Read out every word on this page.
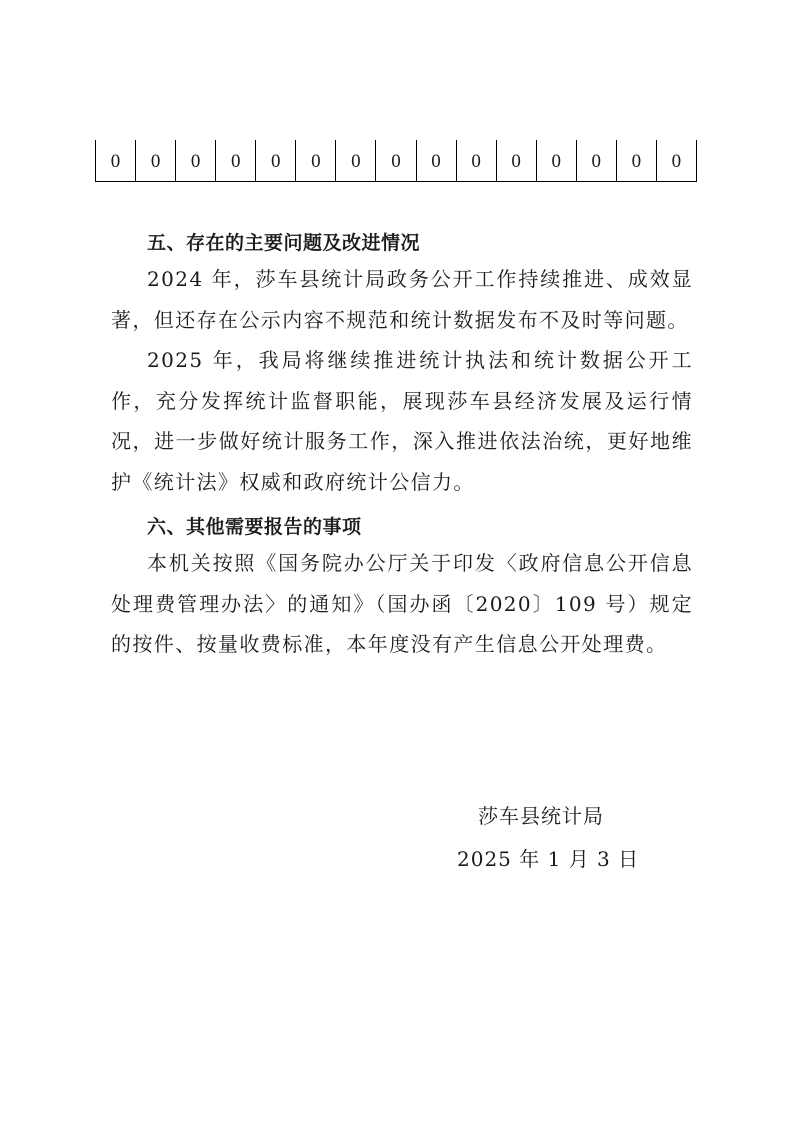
0	0	0	0	0	0	0	0	0	0	0	0	0	0	0
五、存在的主要问题及改进情况

2024 年，莎车县统计局政务公开工作持续推进、成效显著，但还存在公示内容不规范和统计数据发布不及时等问题。

2025 年，我局将继续推进统计执法和统计数据公开工作，充分发挥统计监督职能，展现莎车县经济发展及运行情况，进一步做好统计服务工作，深入推进依法治统，更好地维护《统计法》权威和政府统计公信力。

六、其他需要报告的事项

本机关按照《国务院办公厅关于印发〈政府信息公开信息处理费管理办法〉的通知》（国办函〔2020〕109 号）规定的按件、按量收费标准，本年度没有产生信息公开处理费。

莎车县统计局
2025 年 1 月 3 日
